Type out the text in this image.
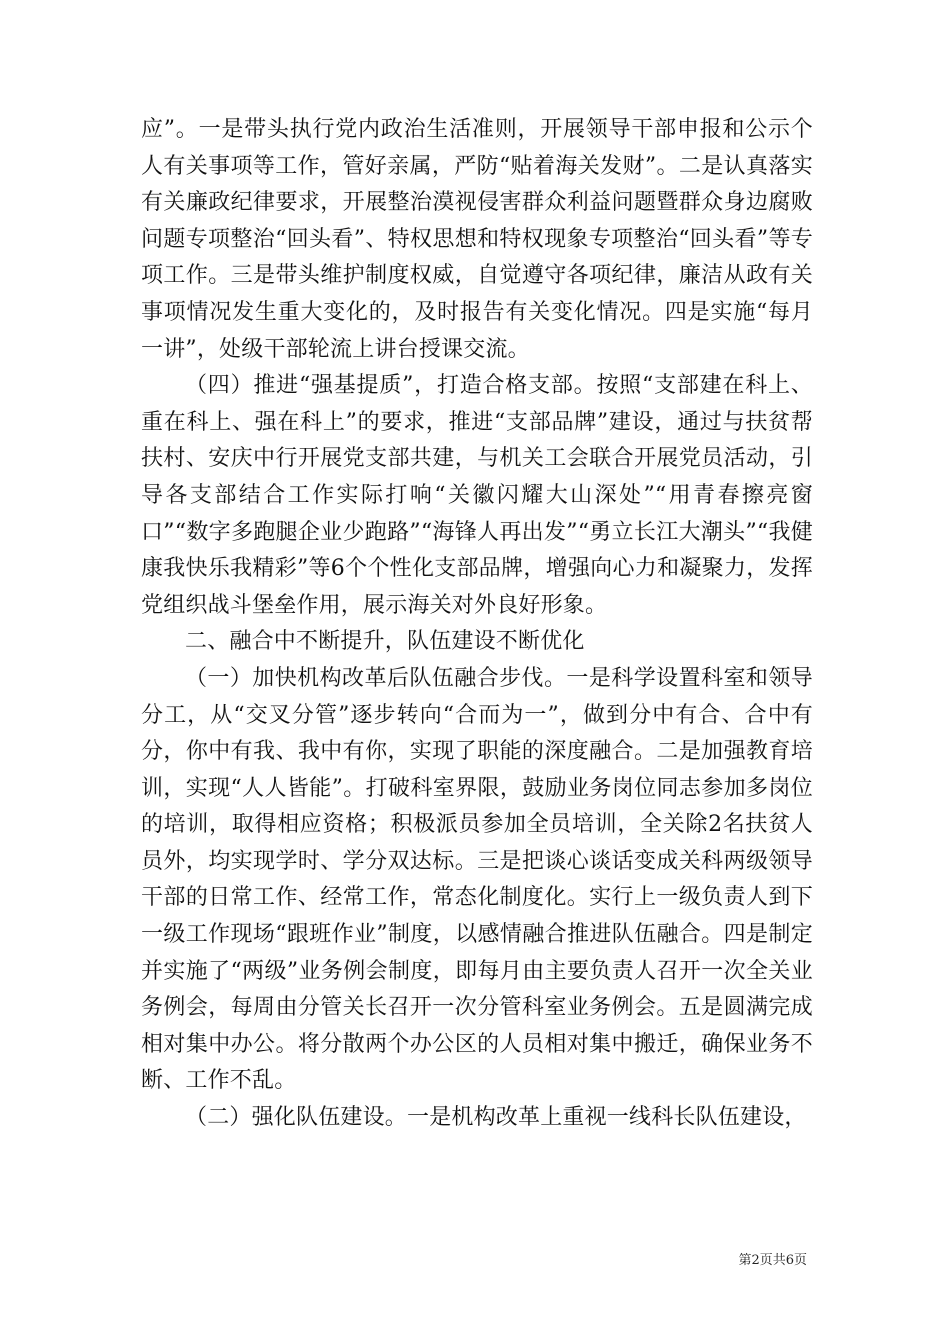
应”。一是带头执行党内政治生活准则，开展领导干部申报和公示个人有关事项等工作，管好亲属，严防“贴着海关发财”。二是认真落实有关廉政纪律要求，开展整治漠视侵害群众利益问题暨群众身边腐败问题专项整治“回头看”、特权思想和特权现象专项整治“回头看”等专项工作。三是带头维护制度权威，自觉遵守各项纪律，廉洁从政有关事项情况发生重大变化的，及时报告有关变化情况。四是实施“每月一讲”，处级干部轮流上讲台授课交流。

（四）推进“强基提质”，打造合格支部。按照“支部建在科上、重在科上、强在科上”的要求，推进“支部品牌”建设，通过与扶贫帮扶村、安庆中行开展党支部共建，与机关工会联合开展党员活动，引导各支部结合工作实际打响“关徽闪耀大山深处”“用青春擦亮窗口”“数字多跑腿企业少跑路”“海锋人再出发”“勇立长江大潮头”“我健康我快乐我精彩”等6个个性化支部品牌，增强向心力和凝聚力，发挥党组织战斗堡垒作用，展示海关对外良好形象。

二、融合中不断提升，队伍建设不断优化

（一）加快机构改革后队伍融合步伐。一是科学设置科室和领导分工，从“交叉分管”逐步转向“合而为一”，做到分中有合、合中有分，你中有我、我中有你，实现了职能的深度融合。二是加强教育培训，实现“人人皆能”。打破科室界限，鼓励业务岗位同志参加多岗位的培训，取得相应资格；积极派员参加全员培训，全关除2名扶贫人员外，均实现学时、学分双达标。三是把谈心谈话变成关科两级领导干部的日常工作、经常工作，常态化制度化。实行上一级负责人到下一级工作现场“跟班作业”制度，以感情融合推进队伍融合。四是制定并实施了“两级”业务例会制度，即每月由主要负责人召开一次全关业务例会，每周由分管关长召开一次分管科室业务例会。五是圆满完成相对集中办公。将分散两个办公区的人员相对集中搬迁，确保业务不断、工作不乱。

（二）强化队伍建设。一是机构改革上重视一线科长队伍建设，

第2页共6页
